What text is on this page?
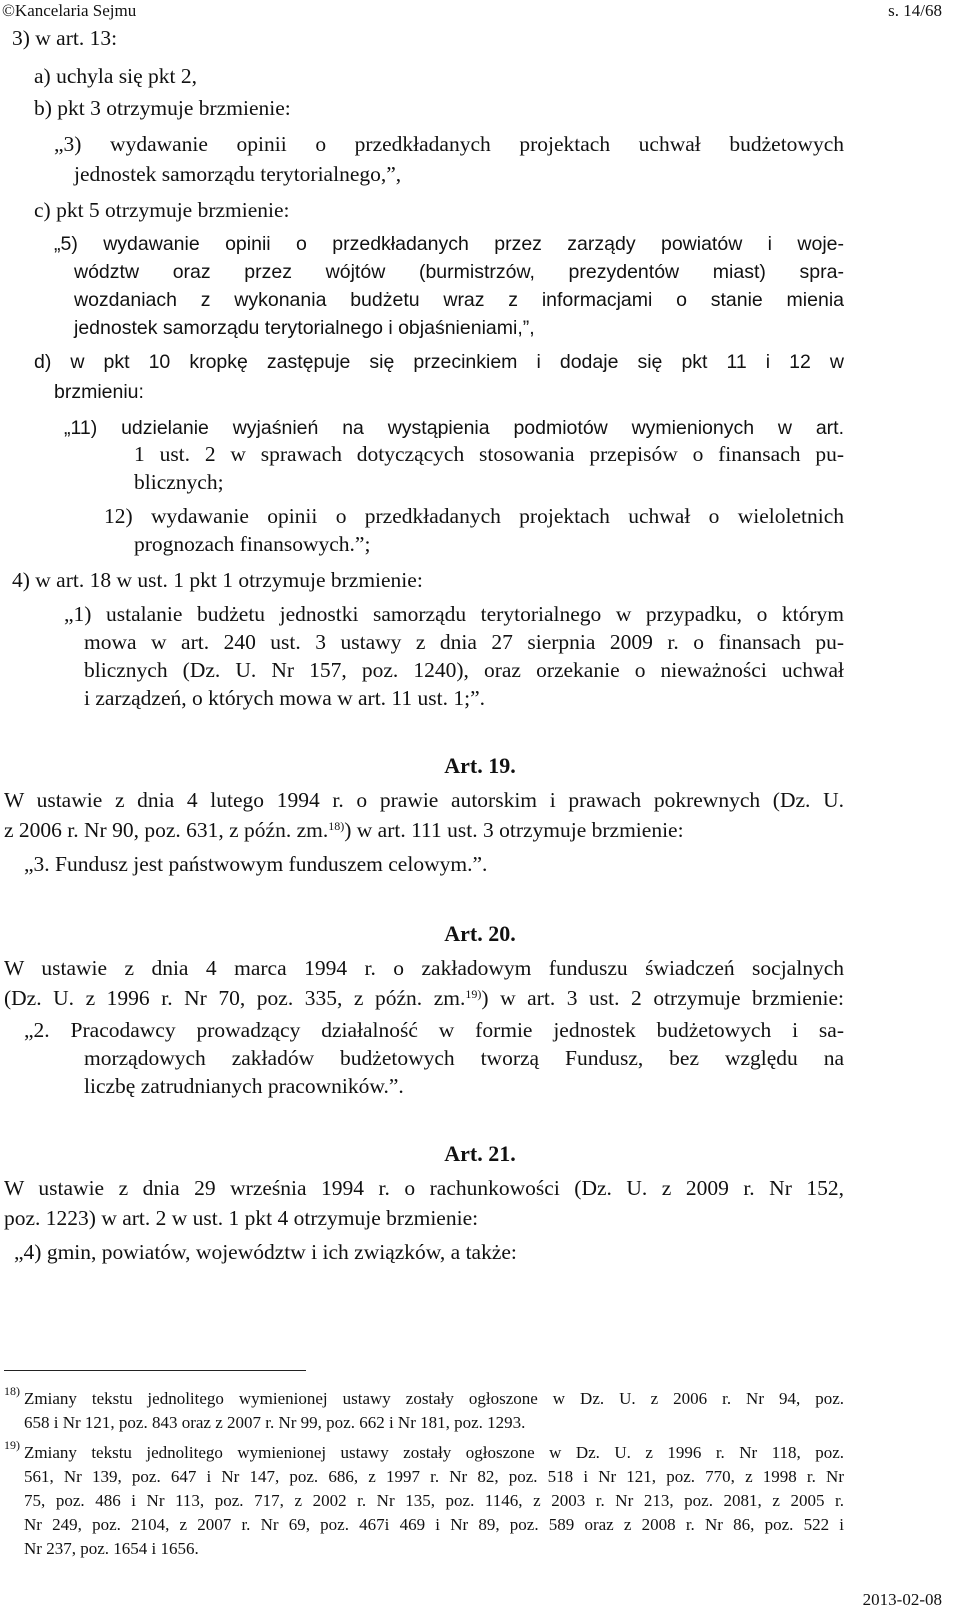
©Kancelaria Sejmu	s. 14/68
3) w art. 13:
a) uchyla się pkt 2,
b) pkt 3 otrzymuje brzmienie:
„3) wydawanie opinii o przedkładanych projektach uchwał budżetowych
jednostek samorządu terytorialnego,”,
c) pkt 5 otrzymuje brzmienie:
„5) wydawanie opinii o przedkładanych przez zarządy powiatów i woje-
wództw oraz przez wójtów (burmistrzów, prezydentów miast) spra-
wozdaniach z wykonania budżetu wraz z informacjami o stanie mienia
jednostek samorządu terytorialnego i objaśnieniami,”,
d) w pkt 10 kropkę zastępuje się przecinkiem i dodaje się pkt 11 i 12 w
brzmieniu:
„11) udzielanie wyjaśnień na wystąpienia podmiotów wymienionych w art.
1 ust. 2 w sprawach dotyczących stosowania przepisów o finansach pu-
blicznych;
12) wydawanie opinii o przedkładanych projektach uchwał o wieloletnich
prognozach finansowych.”;
4) w art. 18 w ust. 1 pkt 1 otrzymuje brzmienie:
„1) ustalanie budżetu jednostki samorządu terytorialnego w przypadku, o którym
mowa w art. 240 ust. 3 ustawy z dnia 27 sierpnia 2009 r. o finansach pu-
blicznych (Dz. U. Nr 157, poz. 1240), oraz orzekanie o nieważności uchwał
i zarządzeń, o których mowa w art. 11 ust. 1;”.
Art. 19.
W ustawie z dnia 4 lutego 1994 r. o prawie autorskim i prawach pokrewnych (Dz. U.
z 2006 r. Nr 90, poz. 631, z późn. zm.$^{18)}$) w art. 111 ust. 3 otrzymuje brzmienie:
„3. Fundusz jest państwowym funduszem celowym.”.
Art. 20.
W ustawie z dnia 4 marca 1994 r. o zakładowym funduszu świadczeń socjalnych
(Dz. U. z 1996 r. Nr 70, poz. 335, z późn. zm.$^{19)}$) w art. 3 ust. 2 otrzymuje brzmienie:
„2. Pracodawcy prowadzący działalność w formie jednostek budżetowych i sa-
morządowych zakładów budżetowych tworzą Fundusz, bez względu na
liczbę zatrudnianych pracowników.”.
Art. 21.
W ustawie z dnia 29 września 1994 r. o rachunkowości (Dz. U. z 2009 r. Nr 152,
poz. 1223) w art. 2 w ust. 1 pkt 4 otrzymuje brzmienie:
„4) gmin, powiatów, województw i ich związków, a także:
$^{18)}$ Zmiany tekstu jednolitego wymienionej ustawy zostały ogłoszone w Dz. U. z 2006 r. Nr 94, poz.
658 i Nr 121, poz. 843 oraz z 2007 r. Nr 99, poz. 662 i Nr 181, poz. 1293.
$^{19)}$ Zmiany tekstu jednolitego wymienionej ustawy zostały ogłoszone w Dz. U. z 1996 r. Nr 118, poz.
561, Nr 139, poz. 647 i Nr 147, poz. 686, z 1997 r. Nr 82, poz. 518 i Nr 121, poz. 770, z 1998 r. Nr
75, poz. 486 i Nr 113, poz. 717, z 2002 r. Nr 135, poz. 1146, z 2003 r. Nr 213, poz. 2081, z 2005 r.
Nr 249, poz. 2104, z 2007 r. Nr 69, poz. 467i 469 i Nr 89, poz. 589 oraz z 2008 r. Nr 86, poz. 522 i
Nr 237, poz. 1654 i 1656.
2013-02-08
